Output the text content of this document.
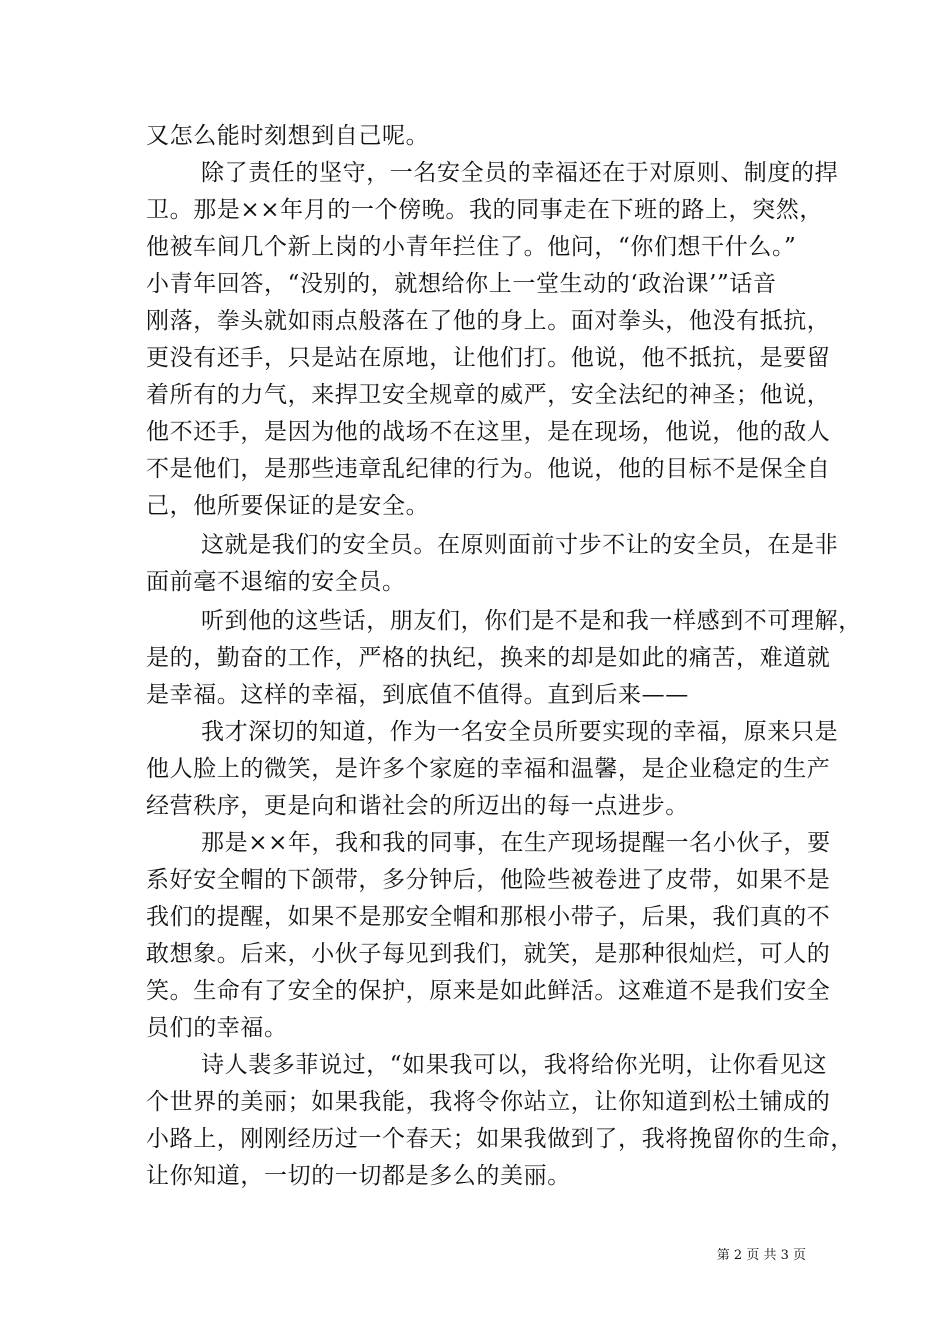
又怎么能时刻想到自己呢。
除了责任的坚守，一名安全员的幸福还在于对原则、制度的捍
卫。那是××年月的一个傍晚。我的同事走在下班的路上，突然，
他被车间几个新上岗的小青年拦住了。他问，“你们想干什么。”
小青年回答，“没别的，就想给你上一堂生动的‘政治课’”话音
刚落，拳头就如雨点般落在了他的身上。面对拳头，他没有抵抗，
更没有还手，只是站在原地，让他们打。他说，他不抵抗，是要留
着所有的力气，来捍卫安全规章的威严，安全法纪的神圣；他说，
他不还手，是因为他的战场不在这里，是在现场，他说，他的敌人
不是他们，是那些违章乱纪律的行为。他说，他的目标不是保全自
己，他所要保证的是安全。
这就是我们的安全员。在原则面前寸步不让的安全员，在是非
面前毫不退缩的安全员。
听到他的这些话，朋友们，你们是不是和我一样感到不可理解，
是的，勤奋的工作，严格的执纪，换来的却是如此的痛苦，难道就
是幸福。这样的幸福，到底值不值得。直到后来——
我才深切的知道，作为一名安全员所要实现的幸福，原来只是
他人脸上的微笑，是许多个家庭的幸福和温馨，是企业稳定的生产
经营秩序，更是向和谐社会的所迈出的每一点进步。
那是××年，我和我的同事，在生产现场提醒一名小伙子，要
系好安全帽的下颌带，多分钟后，他险些被卷进了皮带，如果不是
我们的提醒，如果不是那安全帽和那根小带子，后果，我们真的不
敢想象。后来，小伙子每见到我们，就笑，是那种很灿烂，可人的
笑。生命有了安全的保护，原来是如此鲜活。这难道不是我们安全
员们的幸福。
诗人裴多菲说过，“如果我可以，我将给你光明，让你看见这
个世界的美丽；如果我能，我将令你站立，让你知道到松土铺成的
小路上，刚刚经历过一个春天；如果我做到了，我将挽留你的生命，
让你知道，一切的一切都是多么的美丽。
第 2 页 共 3 页
